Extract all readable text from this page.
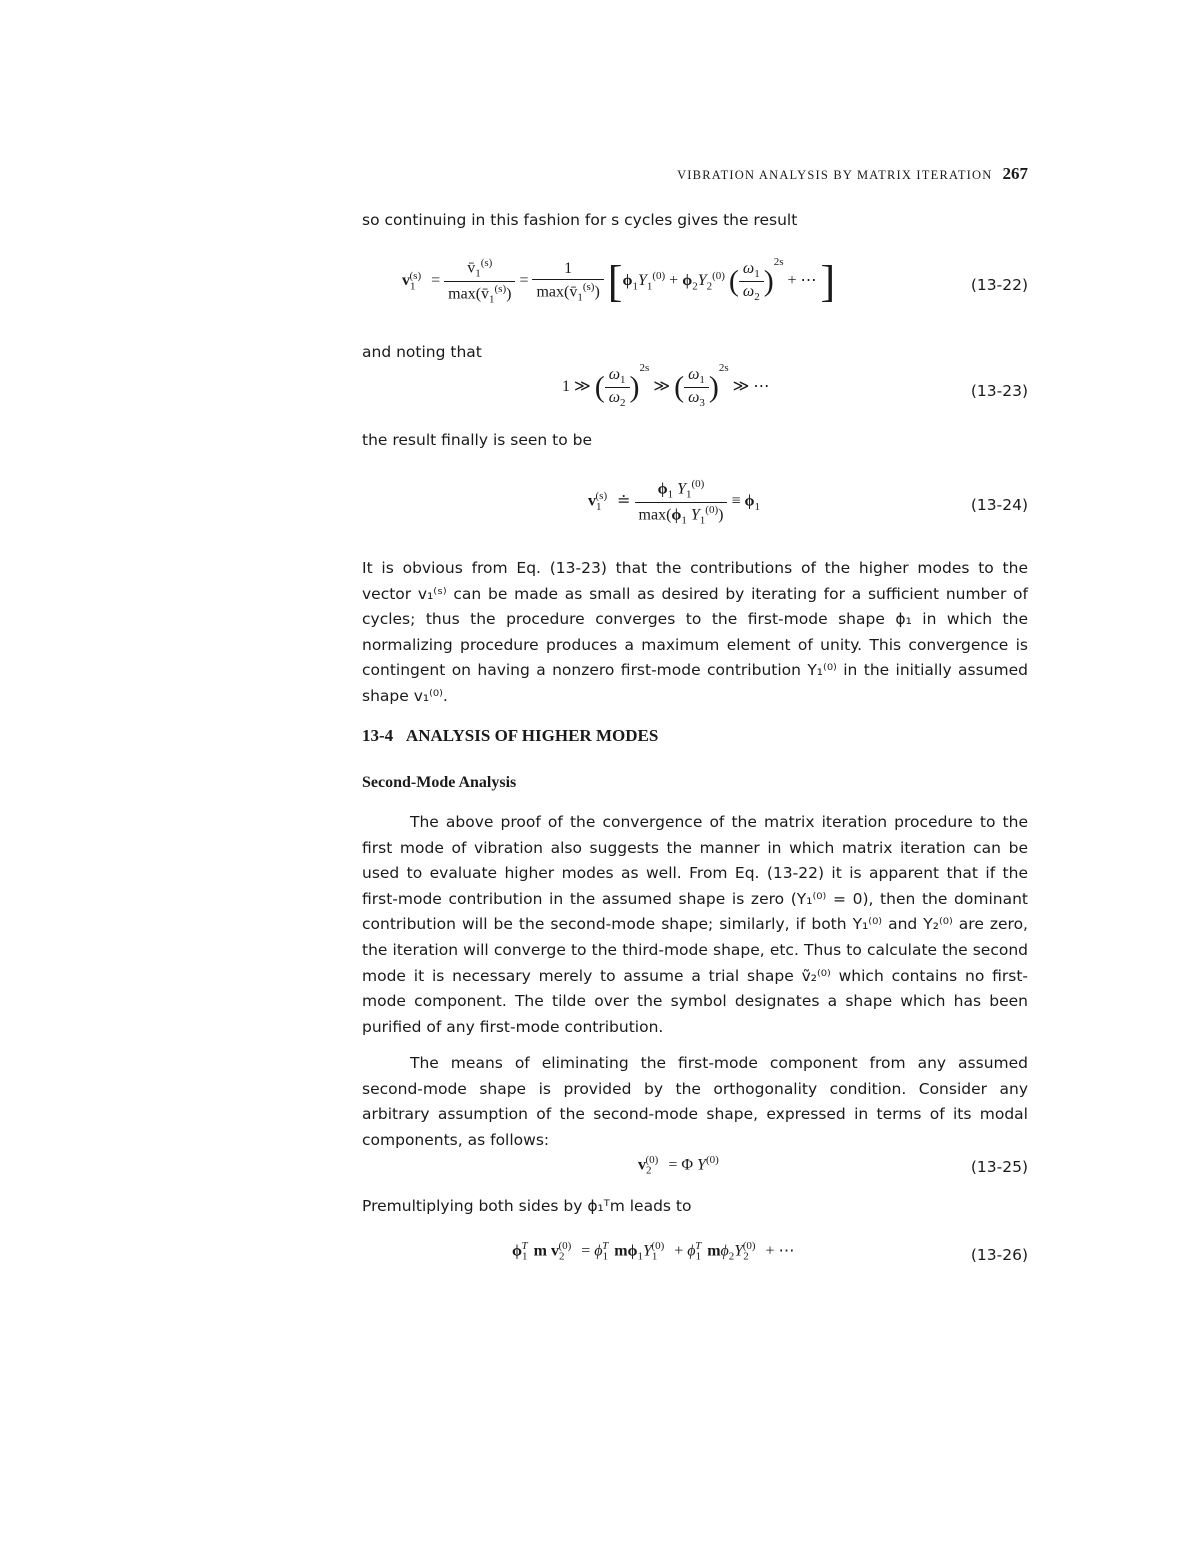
VIBRATION ANALYSIS BY MATRIX ITERATION 267
so continuing in this fashion for s cycles gives the result
$v_1^{(s)} = \frac{v̄_1^{(s)}}{\max(v̄_1^{(s)})} = \frac{1}{\max(v̄_1^{(s)})} [\phi_1Y_1^{(0)} + \phi_2Y_2^{(0)}$ ( $\frac{\omega_1}{\omega_2} )^{2s}$ + ⋯ ]	(13-22)
and noting that
1 ≫ ( $\frac{\omega_1}{\omega_2} )^{2s}$ ≫ ( $\frac{\omega_1}{\omega_3} )^{2s}$ ≫ ⋯	(13-23)
the result finally is seen to be
$v_1^{(s)}$ ≐ $\frac{\phi_1 Y_1^{(0)}}{\max(\phi_1 Y_1^{(0)})} \equiv \phi_1$	(13-24)
It is obvious from Eq. (13-23) that the contributions of the higher modes to the vector v₁⁽ˢ⁾ can be made as small as desired by iterating for a sufficient number of cycles; thus the procedure converges to the first-mode shape ϕ₁ in which the normalizing procedure produces a maximum element of unity. This convergence is contingent on having a nonzero first-mode contribution Y₁⁽⁰⁾ in the initially assumed shape v₁⁽⁰⁾.
13-4 ANALYSIS OF HIGHER MODES
Second-Mode Analysis
The above proof of the convergence of the matrix iteration procedure to the first mode of vibration also suggests the manner in which matrix iteration can be used to evaluate higher modes as well. From Eq. (13-22) it is apparent that if the first-mode contribution in the assumed shape is zero (Y₁⁽⁰⁾ = 0), then the dominant contribution will be the second-mode shape; similarly, if both Y₁⁽⁰⁾ and Y₂⁽⁰⁾ are zero, the iteration will converge to the third-mode shape, etc. Thus to calculate the second mode it is necessary merely to assume a trial shape ṽ₂⁽⁰⁾ which contains no first-mode component. The tilde over the symbol designates a shape which has been purified of any first-mode contribution.
The means of eliminating the first-mode component from any assumed second-mode shape is provided by the orthogonality condition. Consider any arbitrary assumption of the second-mode shape, expressed in terms of its modal components, as follows:
$v_2^{(0)} = \Phi$ $Y^{(0)}$	(13-25)
Premultiplying both sides by ϕ₁ᵀm leads to
$\phi_1^T$ m $v_2^{(0)} = \phi_1^T$ $m\phi_1Y_1^{(0)} + \phi_1^T$ $m\phi_2Y_2^{(0)}$ + ⋯	(13-26)
